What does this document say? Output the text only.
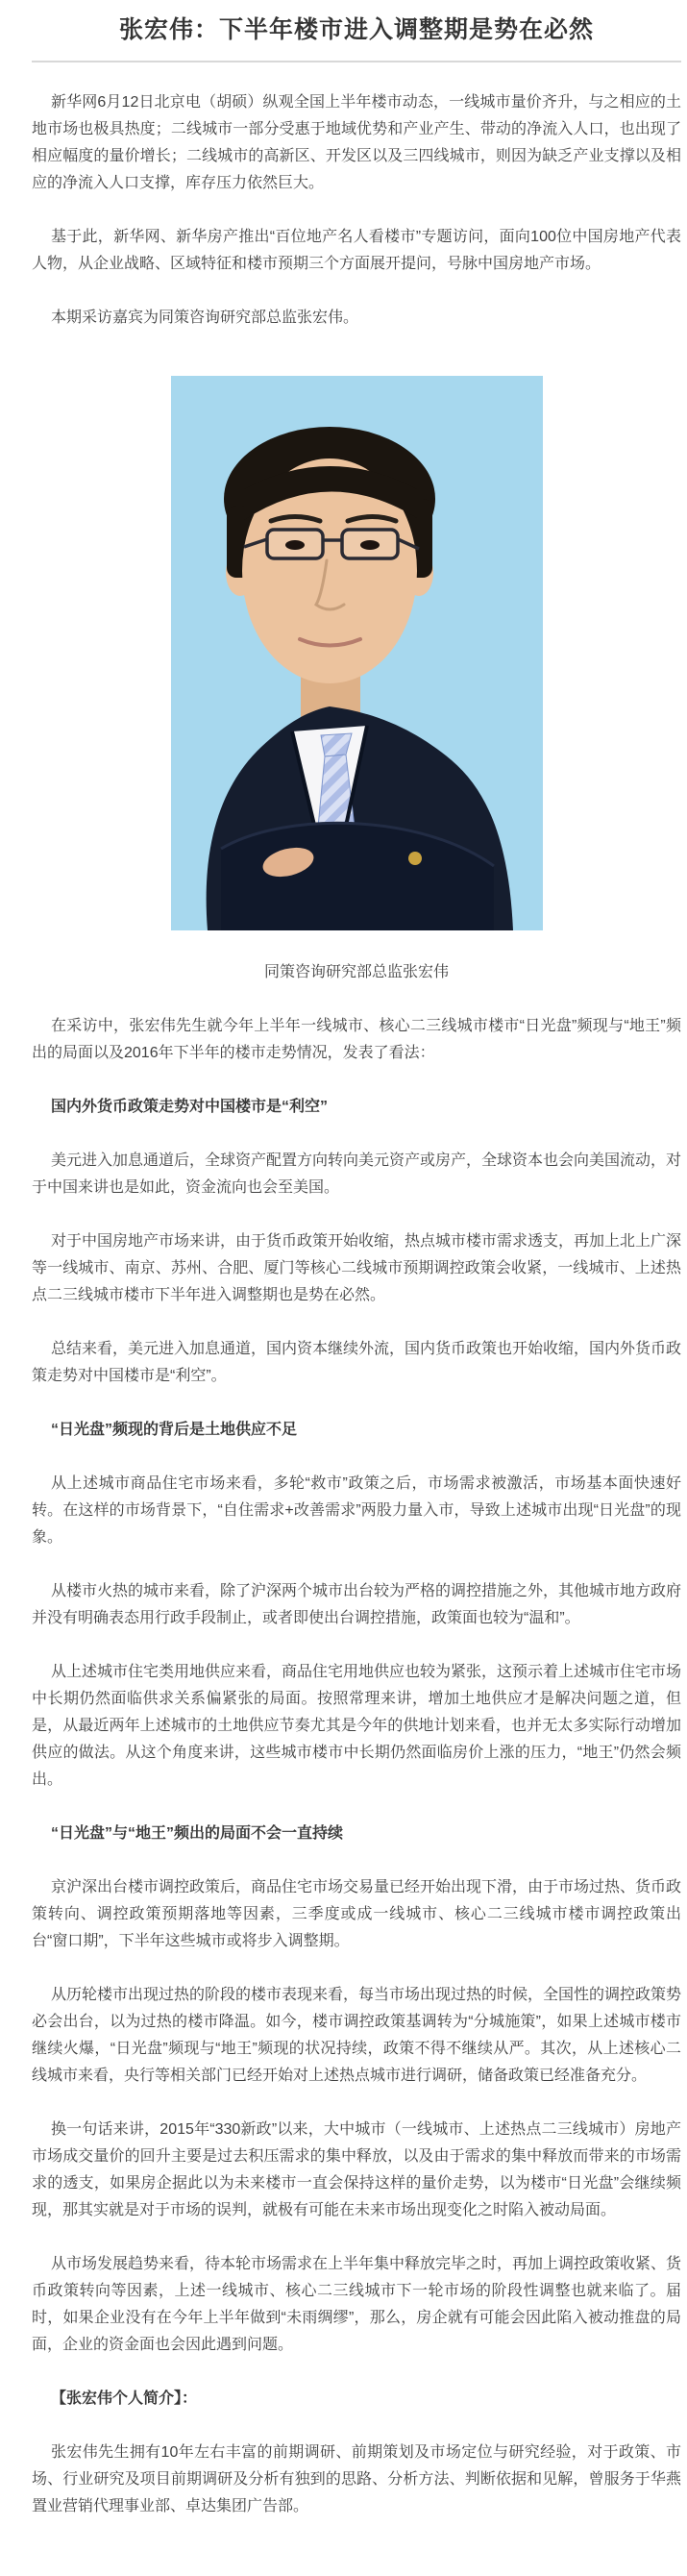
张宏伟：下半年楼市进入调整期是势在必然

新华网6月12日北京电（胡硕）纵观全国上半年楼市动态，一线城市量价齐升，与之相应的土地市场也极具热度；二线城市一部分受惠于地域优势和产业产生、带动的净流入人口，也出现了相应幅度的量价增长；二线城市的高新区、开发区以及三四线城市，则因为缺乏产业支撑以及相应的净流入人口支撑，库存压力依然巨大。

基于此，新华网、新华房产推出“百位地产名人看楼市”专题访问，面向100位中国房地产代表人物，从企业战略、区域特征和楼市预期三个方面展开提问，号脉中国房地产市场。

本期采访嘉宾为同策咨询研究部总监张宏伟。

同策咨询研究部总监张宏伟

在采访中，张宏伟先生就今年上半年一线城市、核心二三线城市楼市“日光盘”频现与“地王”频出的局面以及2016年下半年的楼市走势情况，发表了看法：

国内外货币政策走势对中国楼市是“利空”

美元进入加息通道后，全球资产配置方向转向美元资产或房产，全球资本也会向美国流动，对于中国来讲也是如此，资金流向也会至美国。

对于中国房地产市场来讲，由于货币政策开始收缩，热点城市楼市需求透支，再加上北上广深等一线城市、南京、苏州、合肥、厦门等核心二线城市预期调控政策会收紧，一线城市、上述热点二三线城市楼市下半年进入调整期也是势在必然。

总结来看，美元进入加息通道，国内资本继续外流，国内货币政策也开始收缩，国内外货币政策走势对中国楼市是“利空”。

“日光盘”频现的背后是土地供应不足

从上述城市商品住宅市场来看，多轮“救市”政策之后，市场需求被激活，市场基本面快速好转。在这样的市场背景下，“自住需求+改善需求”两股力量入市，导致上述城市出现“日光盘”的现象。

从楼市火热的城市来看，除了沪深两个城市出台较为严格的调控措施之外，其他城市地方政府并没有明确表态用行政手段制止，或者即使出台调控措施，政策面也较为“温和”。

从上述城市住宅类用地供应来看，商品住宅用地供应也较为紧张，这预示着上述城市住宅市场中长期仍然面临供求关系偏紧张的局面。按照常理来讲，增加土地供应才是解决问题之道，但是，从最近两年上述城市的土地供应节奏尤其是今年的供地计划来看，也并无太多实际行动增加供应的做法。从这个角度来讲，这些城市楼市中长期仍然面临房价上涨的压力，“地王”仍然会频出。

“日光盘”与“地王”频出的局面不会一直持续

京沪深出台楼市调控政策后，商品住宅市场交易量已经开始出现下滑，由于市场过热、货币政策转向、调控政策预期落地等因素，三季度或成一线城市、核心二三线城市楼市调控政策出台“窗口期”，下半年这些城市或将步入调整期。

从历轮楼市出现过热的阶段的楼市表现来看，每当市场出现过热的时候，全国性的调控政策势必会出台，以为过热的楼市降温。如今，楼市调控政策基调转为“分城施策”，如果上述城市楼市继续火爆，“日光盘”频现与“地王”频现的状况持续，政策不得不继续从严。其次，从上述核心二线城市来看，央行等相关部门已经开始对上述热点城市进行调研，储备政策已经准备充分。

换一句话来讲，2015年“330新政”以来，大中城市（一线城市、上述热点二三线城市）房地产市场成交量价的回升主要是过去积压需求的集中释放，以及由于需求的集中释放而带来的市场需求的透支，如果房企据此以为未来楼市一直会保持这样的量价走势，以为楼市“日光盘”会继续频现，那其实就是对于市场的误判，就极有可能在未来市场出现变化之时陷入被动局面。

从市场发展趋势来看，待本轮市场需求在上半年集中释放完毕之时，再加上调控政策收紧、货币政策转向等因素，上述一线城市、核心二三线城市下一轮市场的阶段性调整也就来临了。届时，如果企业没有在今年上半年做到“未雨绸缪”，那么，房企就有可能会因此陷入被动推盘的局面，企业的资金面也会因此遇到问题。

【张宏伟个人简介】：

张宏伟先生拥有10年左右丰富的前期调研、前期策划及市场定位与研究经验，对于政策、市场、行业研究及项目前期调研及分析有独到的思路、分析方法、判断依据和见解，曾服务于华燕置业营销代理事业部、卓达集团广告部。
